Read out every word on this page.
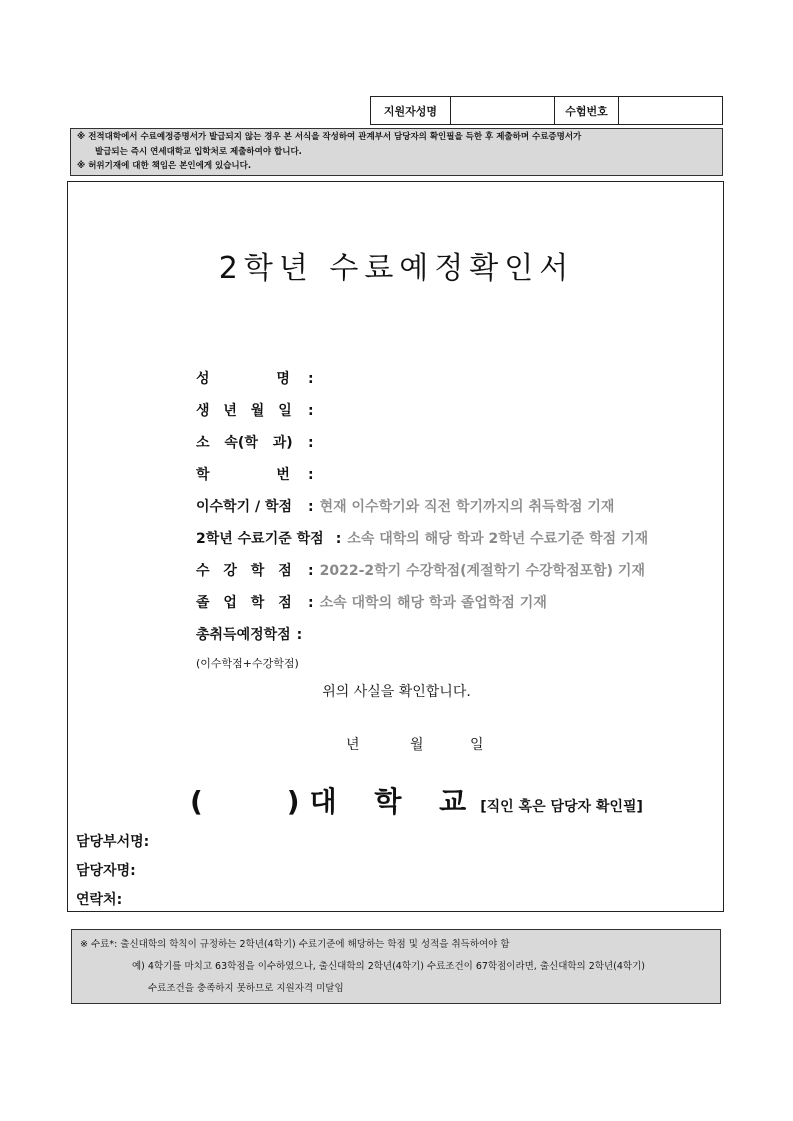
지원자성명	수험번호
※ 전적대학에서 수료예정증명서가 발급되지 않는 경우 본 서식을 작성하여 관계부서 담당자의 확인필을 득한 후 제출하며 수료증명서가
발급되는 즉시 연세대학교 입학처로 제출하여야 합니다.
※ 허위기재에 대한 책임은 본인에게 있습니다.
2학년 수료예정확인서
성 명 :
생 년 월 일	:
소 속(학 과)	:
학 번	:
이수학기 / 학점	: 현재 이수학기와 직전 학기까지의 취득학점 기재
2학년 수료기준 학점 : 소속 대학의 해당 학과 2학년 수료기준 학점 기재
수 강 학 점	: 2022-2학기 수강학점(계절학기 수강학점포함) 기재
졸 업 학 점	: 소속 대학의 해당 학과 졸업학점 기재
총취득예정학점 :
(이수학점+수강학점)
위의 사실을 확인합니다.
년	월	일
(	) 대 학 교 [직인 혹은 담당자 확인필]
담당부서명:
담당자명:
연락처:
※ 수료*: 출신대학의 학칙이 규정하는 2학년(4학기) 수료기준에 해당하는 학점 및 성적을 취득하여야 함
예) 4학기를 마치고 63학점을 이수하였으나, 출신대학의 2학년(4학기) 수료조건이 67학점이라면, 출신대학의 2학년(4학기)
수료조건을 충족하지 못하므로 지원자격 미달임
